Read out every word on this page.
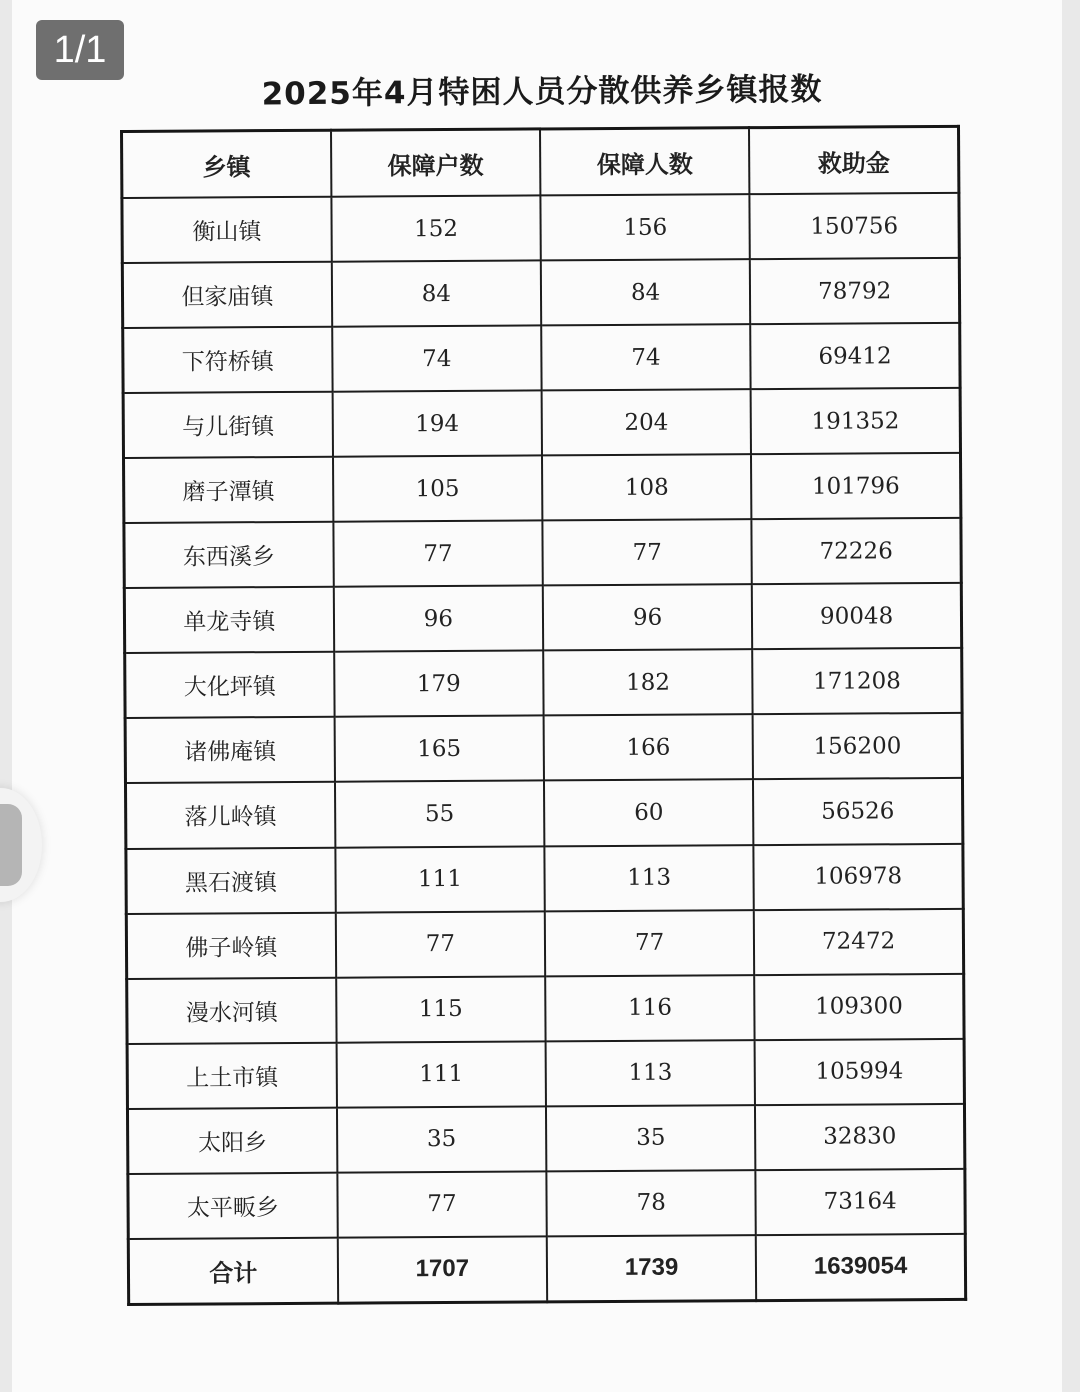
2025年4月特困人员分散供养乡镇报数
乡镇	保障户数	保障人数	救助金
衡山镇	152	156	150756
但家庙镇	84	84	78792
下符桥镇	74	74	69412
与儿街镇	194	204	191352
磨子潭镇	105	108	101796
东西溪乡	77	77	72226
单龙寺镇	96	96	90048
大化坪镇	179	182	171208
诸佛庵镇	165	166	156200
落儿岭镇	55	60	56526
黑石渡镇	111	113	106978
佛子岭镇	77	77	72472
漫水河镇	115	116	109300
上土市镇	111	113	105994
太阳乡	35	35	32830
太平畈乡	77	78	73164
合计	1707	1739	1639054
1/1
